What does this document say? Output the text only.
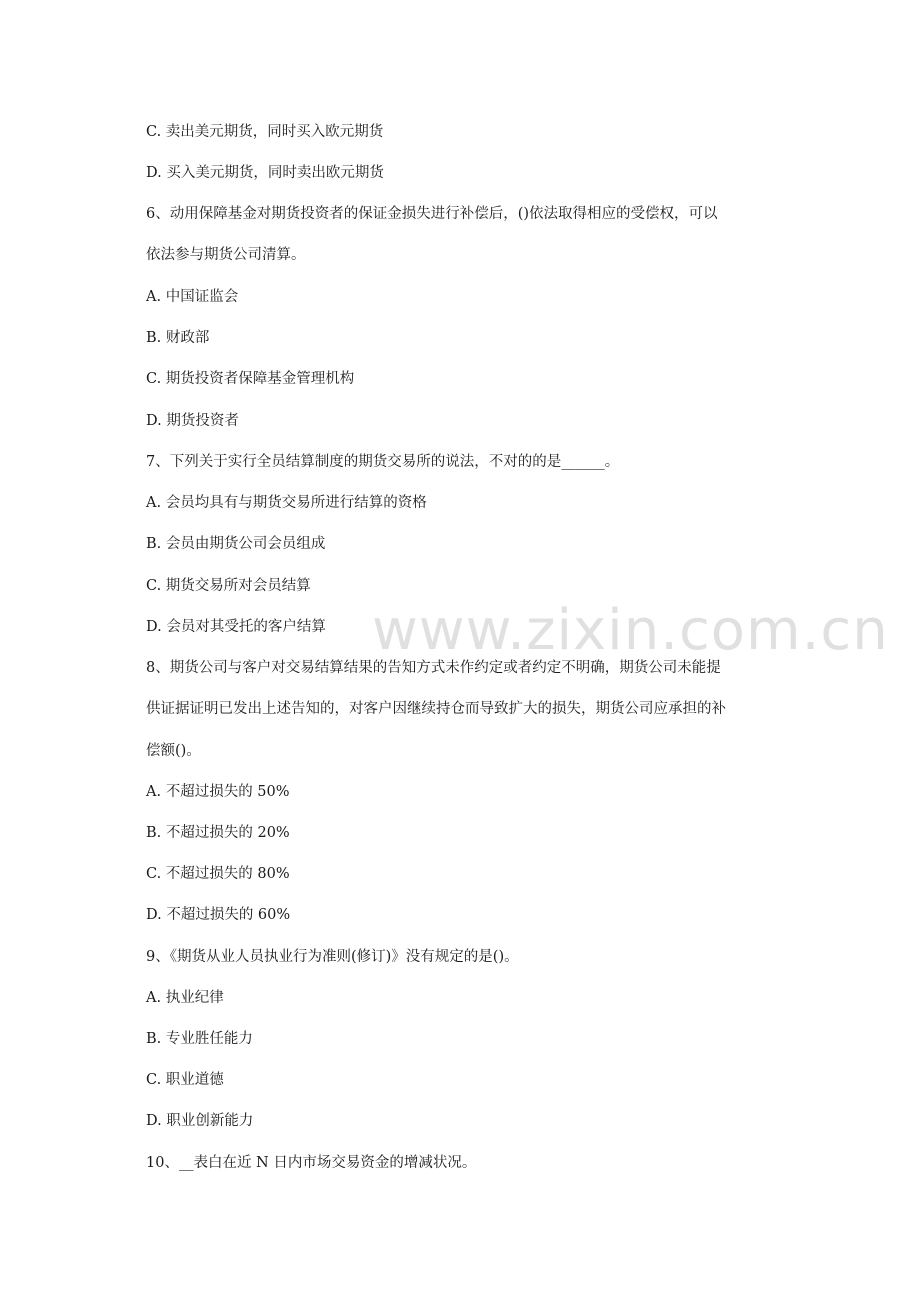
C. 卖出美元期货，同时买入欧元期货
D. 买入美元期货，同时卖出欧元期货
6、动用保障基金对期货投资者的保证金损失进行补偿后，()依法取得相应的受偿权，可以
依法参与期货公司清算。
A. 中国证监会
B. 财政部
C. 期货投资者保障基金管理机构
D. 期货投资者
7、下列关于实行全员结算制度的期货交易所的说法，不对的的是______。
A. 会员均具有与期货交易所进行结算的资格
B. 会员由期货公司会员组成
C. 期货交易所对会员结算
D. 会员对其受托的客户结算
8、期货公司与客户对交易结算结果的告知方式未作约定或者约定不明确，期货公司未能提
供证据证明已发出上述告知的，对客户因继续持仓而导致扩大的损失，期货公司应承担的补
偿额()。
A. 不超过损失的 50%
B. 不超过损失的 20%
C. 不超过损失的 80%
D. 不超过损失的 60%
9、《期货从业人员执业行为准则(修订)》没有规定的是()。
A. 执业纪律
B. 专业胜任能力
C. 职业道德
D. 职业创新能力
10、__表白在近 N 日内市场交易资金的增减状况。
www.zixin.com.cn
